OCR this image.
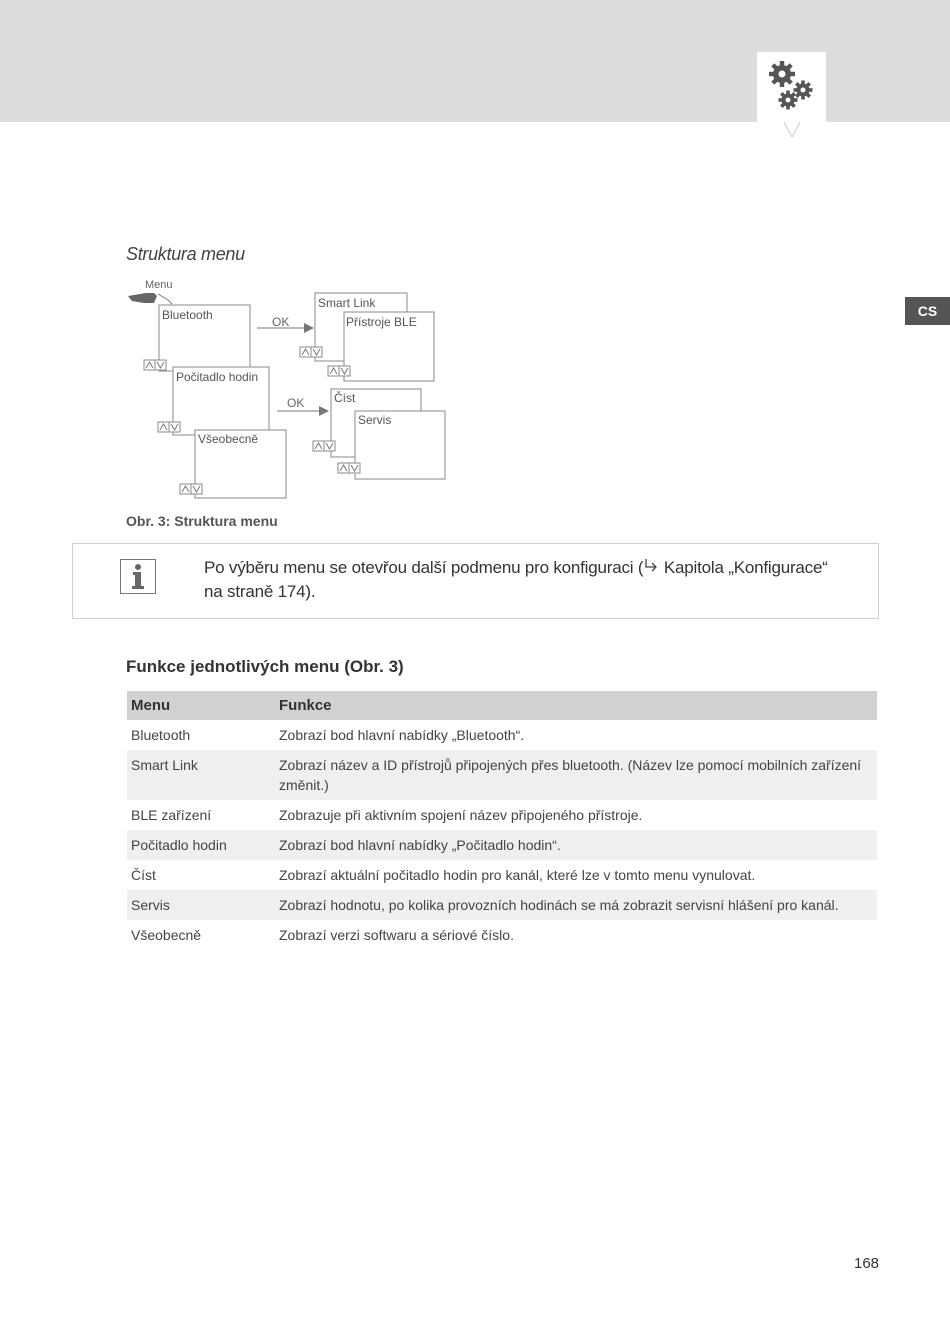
CS
Struktura menu
Menu
Bluetooth
Počitadlo hodin
Všeobecně
Smart Link
Přístroje BLE
Číst
Servis
OK
OK
Obr. 3: Struktura menu
Po výběru menu se otevřou další podmenu pro konfiguraci ( Kapitola „Konfigurace“ na straně 174).
Funkce jednotlivých menu (Obr. 3)
Menu	Funkce
Bluetooth	Zobrazí bod hlavní nabídky „Bluetooth“.
Smart Link	Zobrazí název a ID přístrojů připojených přes bluetooth. (Název lze pomocí mobilních zařízení změnit.)
BLE zařízení	Zobrazuje při aktivním spojení název připojeného přístroje.
Počitadlo hodin	Zobrazí bod hlavní nabídky „Počitadlo hodin“.
Číst	Zobrazí aktuální počitadlo hodin pro kanál, které lze v tomto menu vynulovat.
Servis	Zobrazí hodnotu, po kolika provozních hodinách se má zobrazit servisní hlášení pro kanál.
Všeobecně	Zobrazí verzi softwaru a sériové číslo.
168
